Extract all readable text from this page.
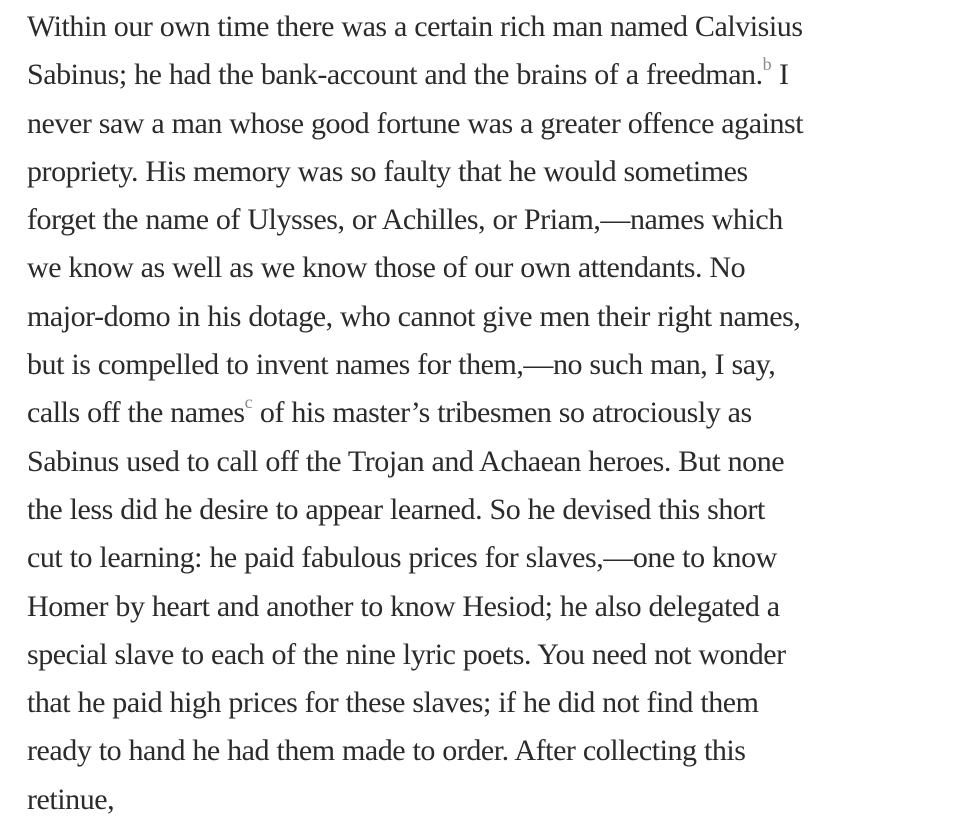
Within our own time there was a certain rich man named Calvisius
Sabinus; he had the bank-account and the brains of a freedman.$^b$ I
never saw a man whose good fortune was a greater offence against
propriety. His memory was so faulty that he would sometimes
forget the name of Ulysses, or Achilles, or Priam,—names which
we know as well as we know those of our own attendants. No
major-domo in his dotage, who cannot give men their right names,
but is compelled to invent names for them,—no such man, I say,
calls off the names$^c$ of his master’s tribesmen so atrociously as
Sabinus used to call off the Trojan and Achaean heroes. But none
the less did he desire to appear learned. So he devised this short
cut to learning: he paid fabulous prices for slaves,—one to know
Homer by heart and another to know Hesiod; he also delegated a
special slave to each of the nine lyric poets. You need not wonder
that he paid high prices for these slaves; if he did not find them
ready to hand he had them made to order. After collecting this
retinue,
